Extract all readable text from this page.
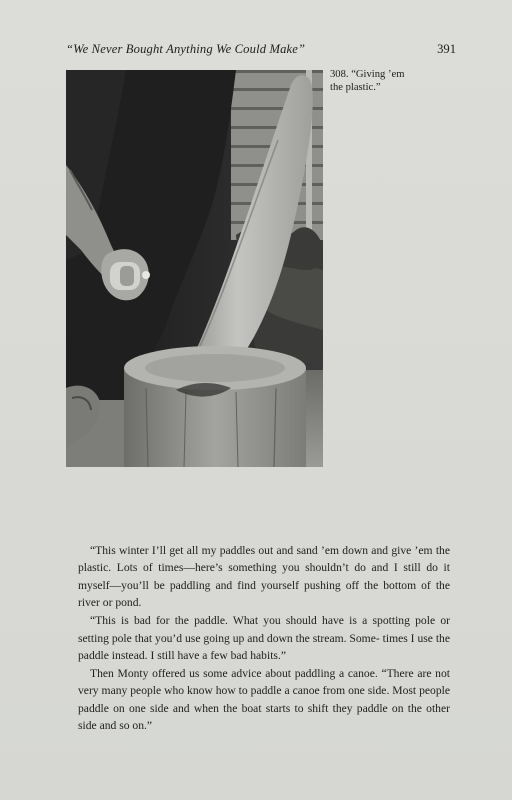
“We Never Bought Anything We Could Make”	391
308. “Giving ’em
the plastic.”

“This winter I’ll get all my paddles out and sand ’em down and give ’em the plastic. Lots of times—here’s something you shouldn’t do and I still do it myself—you’ll be paddling and find yourself pushing off the bottom of the river or pond.

“This is bad for the paddle. What you should have is a spotting pole or setting pole that you’d use going up and down the stream. Some- times I use the paddle instead. I still have a few bad habits.”

Then Monty offered us some advice about paddling a canoe. “There are not very many people who know how to paddle a canoe from one side. Most people paddle on one side and when the boat starts to shift they paddle on the other side and so on.”
